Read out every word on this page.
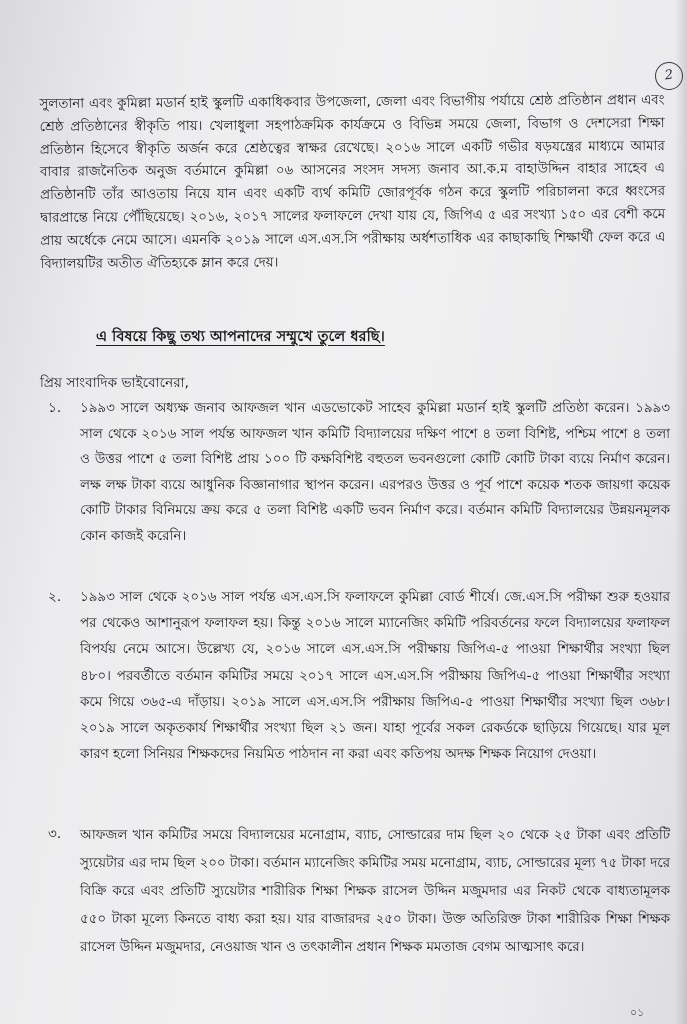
2

সুলতানা এবং কুমিল্লা মডার্ন হাই স্কুলটি একাধিকবার উপজেলা, জেলা এবং বিভাগীয় পর্যায়ে শ্রেষ্ঠ প্রতিষ্ঠান প্রধান এবং শ্রেষ্ঠ প্রতিষ্ঠানের স্বীকৃতি পায়। খেলাধুলা সহপাঠক্রমিক কার্যক্রমে ও বিভিন্ন সময়ে জেলা, বিভাগ ও দেশসেরা শিক্ষা প্রতিষ্ঠান হিসেবে স্বীকৃতি অর্জন করে শ্রেষ্ঠত্বের স্বাক্ষর রেখেছে। ২০১৬ সালে একটি গভীর ষড়যন্ত্রের মাধ্যমে আমার বাবার রাজনৈতিক অনুজ বর্তমানে কুমিল্লা ০৬ আসনের সংসদ সদস্য জনাব আ.ক.ম বাহাউদ্দিন বাহার সাহেব এ প্রতিষ্ঠানটি তাঁর আওতায় নিয়ে যান এবং একটি ব্যর্থ কমিটি জোরপূর্বক গঠন করে স্কুলটি পরিচালনা করে ধ্বংসের দ্বারপ্রান্তে নিয়ে পৌঁছিয়েছে। ২০১৬, ২০১৭ সালের ফলাফলে দেখা যায় যে, জিপিএ ৫ এর সংখ্যা ১৫০ এর বেশী কমে প্রায় অর্ধেকে নেমে আসে। এমনকি ২০১৯ সালে এস.এস.সি পরীক্ষায় অর্ধশতাধিক এর কাছাকাছি শিক্ষার্থী ফেল করে এ বিদ্যালয়টির অতীত ঐতিহ্যকে ম্লান করে দেয়।

এ বিষয়ে কিছু তথ্য আপনাদের সম্মুখে তুলে ধরছি।

প্রিয় সাংবাদিক ভাইবোনেরা,

১.	১৯৯৩ সালে অধ্যক্ষ জনাব আফজল খান এডভোকেট সাহেব কুমিল্লা মডার্ন হাই স্কুলটি প্রতিষ্ঠা করেন। ১৯৯৩ সাল থেকে ২০১৬ সাল পর্যন্ত আফজল খান কমিটি বিদ্যালয়ের দক্ষিণ পাশে ৪ তলা বিশিষ্ট, পশ্চিম পাশে ৪ তলা ও উত্তর পাশে ৫ তলা বিশিষ্ট প্রায় ১০০ টি কক্ষবিশিষ্ট বহুতল ভবনগুলো কোটি কোটি টাকা ব্যয়ে নির্মাণ করেন। লক্ষ লক্ষ টাকা ব্যয়ে আধুনিক বিজ্ঞানাগার স্থাপন করেন। এরপরও উত্তর ও পূর্ব পাশে কয়েক শতক জায়গা কয়েক কোটি টাকার বিনিময়ে ক্রয় করে ৫ তলা বিশিষ্ট একটি ভবন নির্মাণ করে। বর্তমান কমিটি বিদ্যালয়ের উন্নয়নমূলক কোন কাজই করেনি।

২.	১৯৯৩ সাল থেকে ২০১৬ সাল পর্যন্ত এস.এস.সি ফলাফলে কুমিল্লা বোর্ড শীর্ষে। জে.এস.সি পরীক্ষা শুরু হওয়ার পর থেকেও আশানুরূপ ফলাফল হয়। কিন্তু ২০১৬ সালে ম্যানেজিং কমিটি পরিবর্তনের ফলে বিদ্যালয়ের ফলাফল বিপর্যয় নেমে আসে। উল্লেখ্য যে, ২০১৬ সালে এস.এস.সি পরীক্ষায় জিপিএ-৫ পাওয়া শিক্ষার্থীর সংখ্যা ছিল ৪৮০। পরবর্তীতে বর্তমান কমিটির সময়ে ২০১৭ সালে এস.এস.সি পরীক্ষায় জিপিএ-৫ পাওয়া শিক্ষার্থীর সংখ্যা কমে গিয়ে ৩৬৫-এ দাঁড়ায়। ২০১৯ সালে এস.এস.সি পরীক্ষায় জিপিএ-৫ পাওয়া শিক্ষার্থীর সংখ্যা ছিল ৩৬৮। ২০১৯ সালে অকৃতকার্য শিক্ষার্থীর সংখ্যা ছিল ২১ জন। যাহা পূর্বের সকল রেকর্ডকে ছাড়িয়ে গিয়েছে। যার মূল কারণ হলো সিনিয়র শিক্ষকদের নিয়মিত পাঠদান না করা এবং কতিপয় অদক্ষ শিক্ষক নিয়োগ দেওয়া।

৩.	আফজল খান কমিটির সময়ে বিদ্যালয়ের মনোগ্রাম, ব্যাচ, সোল্ডারের দাম ছিল ২০ থেকে ২৫ টাকা এবং প্রতিটি স্যুয়েটার এর দাম ছিল ২০০ টাকা। বর্তমান ম্যানেজিং কমিটির সময় মনোগ্রাম, ব্যাচ, সোল্ডারের মূল্য ৭৫ টাকা দরে বিক্রি করে এবং প্রতিটি স্যুয়েটার শারীরিক শিক্ষা শিক্ষক রাসেল উদ্দিন মজুমদার এর নিকট থেকে বাধ্যতামূলক ৫৫০ টাকা মূল্যে কিনতে বাধ্য করা হয়। যার বাজারদর ২৫০ টাকা। উক্ত অতিরিক্ত টাকা শারীরিক শিক্ষা শিক্ষক রাসেল উদ্দিন মজুমদার, নেওয়াজ খান ও তৎকালীন প্রধান শিক্ষক মমতাজ বেগম আত্মসাৎ করে।

০১
